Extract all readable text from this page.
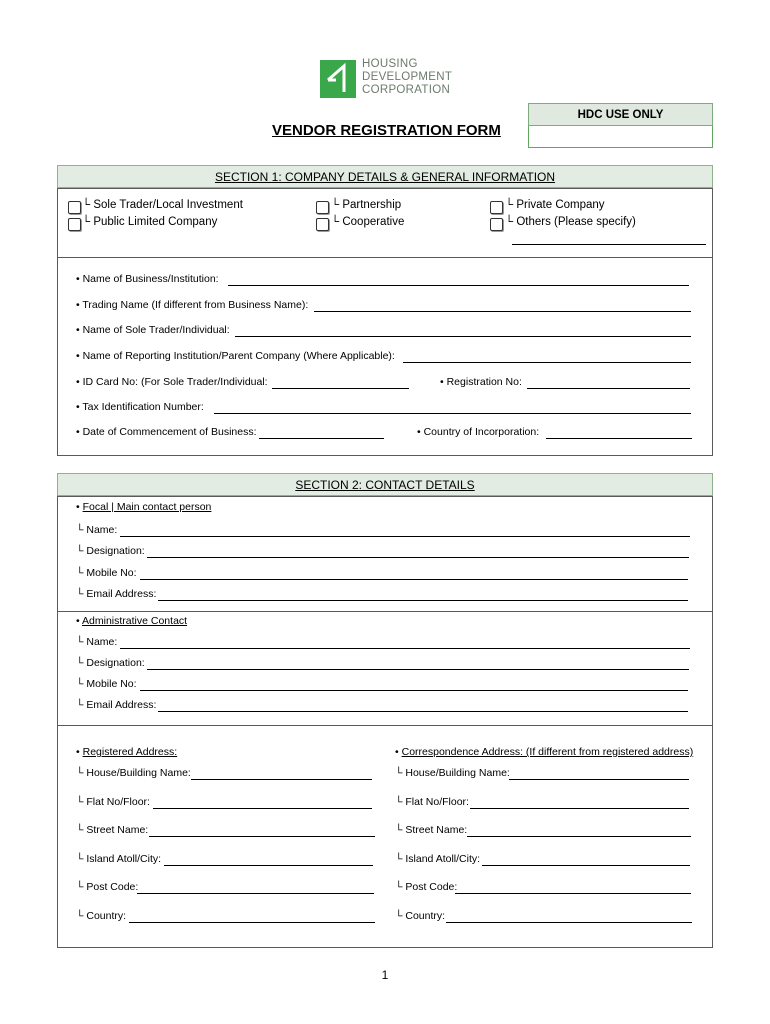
HOUSING
DEVELOPMENT
CORPORATION
HDC USE ONLY
VENDOR REGISTRATION FORM
SECTION 1: COMPANY DETAILS & GENERAL INFORMATION
└ Sole Trader/Local Investment
└ Public Limited Company
└ Partnership
└ Cooperative
└ Private Company
└ Others (Please specify)
• Name of Business/Institution:
• Trading Name (If different from Business Name):
• Name of Sole Trader/Individual:
• Name of Reporting Institution/Parent Company (Where Applicable):
• ID Card No: (For Sole Trader/Individual:	• Registration No:
• Tax Identification Number:
• Date of Commencement of Business:	• Country of Incorporation:
SECTION 2: CONTACT DETAILS
• Focal | Main contact person
└ Name:
└ Designation:
└ Mobile No:
└ Email Address:
• Administrative Contact
└ Name:
└ Designation:
└ Mobile No:
└ Email Address:
• Registered Address:	• Correspondence Address: (If different from registered address)
└ House/Building Name:	└ House/Building Name:
└ Flat No/Floor:	└ Flat No/Floor:
└ Street Name:	└ Street Name:
└ Island Atoll/City:	└ Island Atoll/City:
└ Post Code:	└ Post Code:
└ Country:	└ Country:
1
